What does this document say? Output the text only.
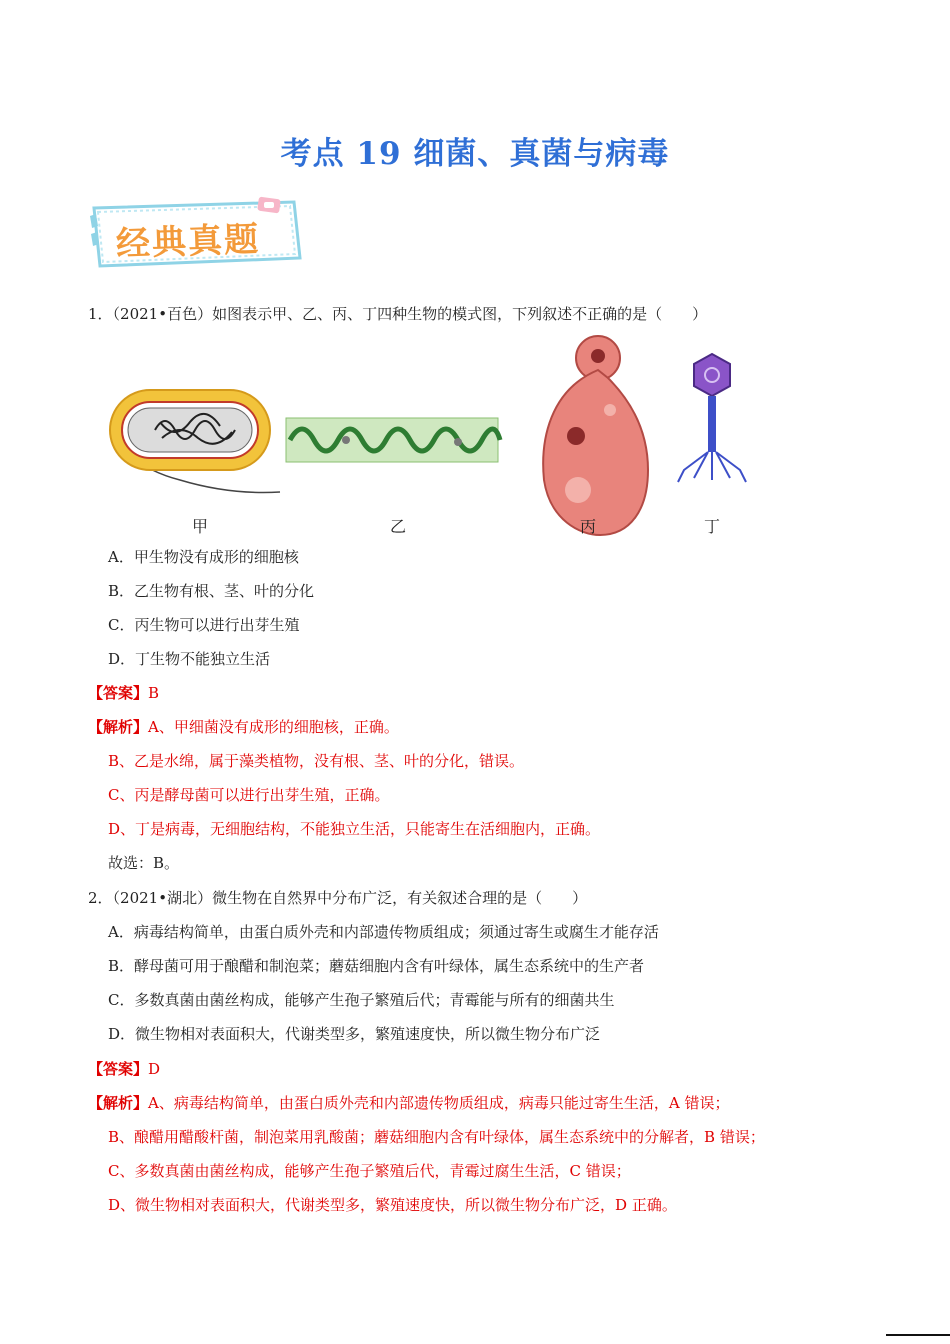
考点 19 细菌、真菌与病毒
经典真题
1．（2021•百色）如图表示甲、乙、丙、丁四种生物的模式图，下列叙述不正确的是（　　）
甲	乙	丙	丁
A．甲生物没有成形的细胞核
B．乙生物有根、茎、叶的分化
C．丙生物可以进行出芽生殖
D．丁生物不能独立生活
【答案】B
【解析】A、甲细菌没有成形的细胞核，正确。
B、乙是水绵，属于藻类植物，没有根、茎、叶的分化，错误。
C、丙是酵母菌可以进行出芽生殖，正确。
D、丁是病毒，无细胞结构，不能独立生活，只能寄生在活细胞内，正确。
故选：B。
2．（2021•湖北）微生物在自然界中分布广泛，有关叙述合理的是（　　）
A．病毒结构简单，由蛋白质外壳和内部遗传物质组成；须通过寄生或腐生才能存活
B．酵母菌可用于酿醋和制泡菜；蘑菇细胞内含有叶绿体，属生态系统中的生产者
C．多数真菌由菌丝构成，能够产生孢子繁殖后代；青霉能与所有的细菌共生
D．微生物相对表面积大，代谢类型多，繁殖速度快，所以微生物分布广泛
【答案】D
【解析】A、病毒结构简单，由蛋白质外壳和内部遗传物质组成，病毒只能过寄生生活，A 错误；
B、酿醋用醋酸杆菌，制泡菜用乳酸菌；蘑菇细胞内含有叶绿体，属生态系统中的分解者，B 错误；
C、多数真菌由菌丝构成，能够产生孢子繁殖后代，青霉过腐生生活，C 错误；
D、微生物相对表面积大，代谢类型多，繁殖速度快，所以微生物分布广泛，D 正确。
